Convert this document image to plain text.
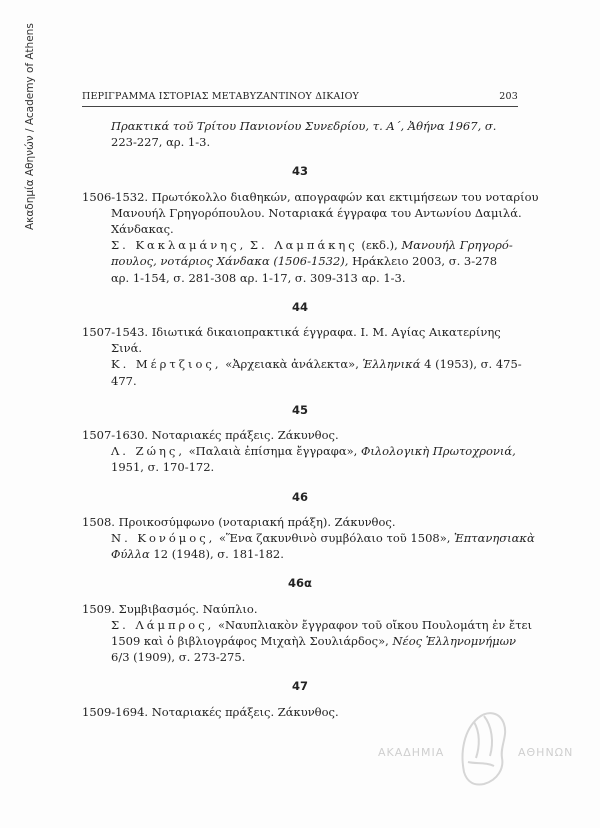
Ακαδημία Αθηνών / Academy of Athens	ΠΕΡΙΓΡΑΜΜΑ ΙΣΤΟΡΙΑΣ ΜΕΤΑΒΥΖΑΝΤΙΝΟΥ ΔΙΚΑΙΟΥ	203
Πρακτικά τοῦ Τρίτου Πανιονίου Συνεδρίου, τ. Α΄, Ἀθήνα 1967, σ.
223-227, αρ. 1-3.
43
1506-1532. Πρωτόκολλο διαθηκών, απογραφών και εκτιμήσεων του νοταρίου
Μανουήλ Γρηγορόπουλου. Νοταριακά έγγραφα του Αντωνίου Δαμιλά.
Χάνδακας.
Σ. Κακλαμάνης, Σ. Λαμπάκης (εκδ.), Μανουήλ Γρηγορό-
πουλος, νοτάριος Χάνδακα (1506-1532), Ηράκλειο 2003, σ. 3-278
αρ. 1-154, σ. 281-308 αρ. 1-17, σ. 309-313 αρ. 1-3.
44
1507-1543. Ιδιωτικά δικαιοπρακτικά έγγραφα. Ι. Μ. Αγίας Αικατερίνης
Σινά.
Κ. Μέρτζιος, «Ἀρχειακὰ ἀνάλεκτα», Ἑλληνικά 4 (1953), σ. 475-
477.
45
1507-1630. Νοταριακές πράξεις. Ζάκυνθος.
Λ. Ζώης, «Παλαιὰ ἐπίσημα ἔγγραφα», Φιλολογικὴ Πρωτοχρονιά,
1951, σ. 170-172.
46
1508. Προικοσύμφωνο (νοταριακή πράξη). Ζάκυνθος.
Ν. Κονόμος, «Ἕνα ζακυνθινὸ συμβόλαιο τοῦ 1508», Ἑπτανησιακὰ
Φύλλα 12 (1948), σ. 181-182.
46α
1509. Συμβιβασμός. Ναύπλιο.
Σ. Λάμπρος, «Ναυπλιακὸν ἔγγραφον τοῦ οἴκου Πουλομάτη ἐν ἔτει
1509 καὶ ὁ βιβλιογράφος Μιχαὴλ Σουλιάρδος», Νέος Ἑλληνομνήμων
6/3 (1909), σ. 273-275.
47
1509-1694. Νοταριακές πράξεις. Ζάκυνθος.
ΑΚΑΔΗΜΙΑ	ΑΘΗΝΩΝ
